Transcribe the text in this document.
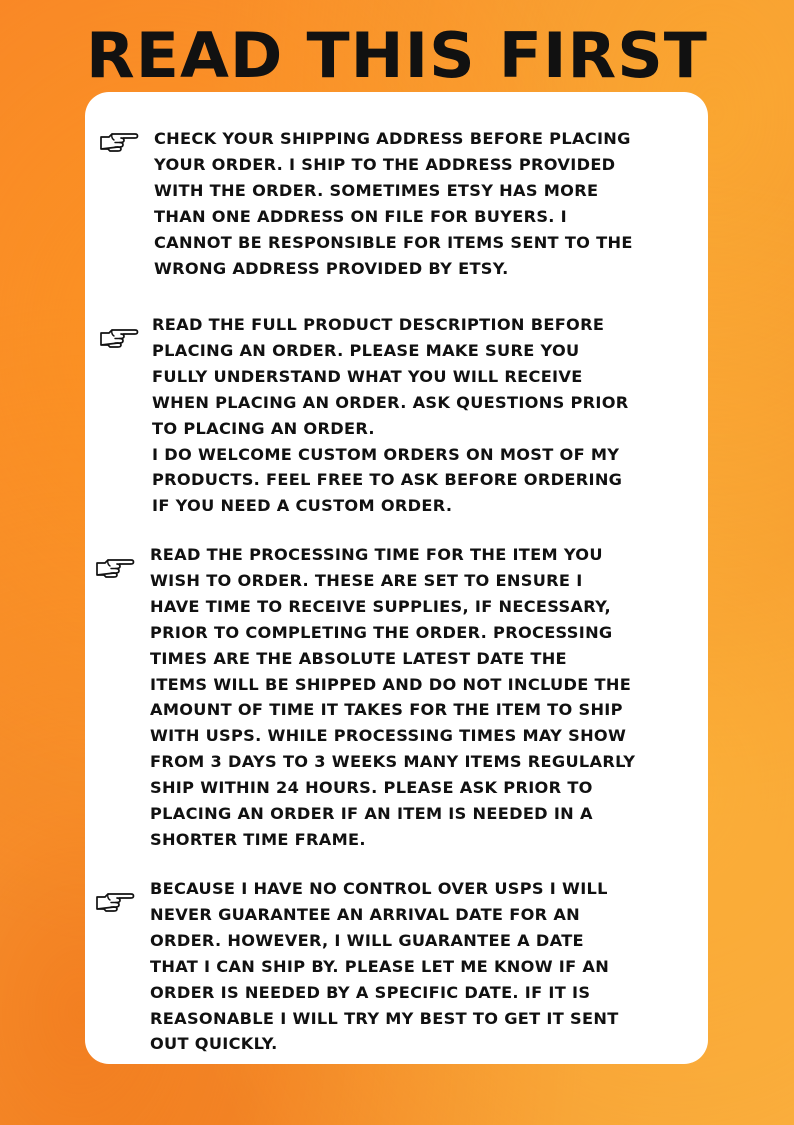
READ THIS FIRST
CHECK YOUR SHIPPING ADDRESS BEFORE PLACING
YOUR ORDER. I SHIP TO THE ADDRESS PROVIDED
WITH THE ORDER. SOMETIMES ETSY HAS MORE
THAN ONE ADDRESS ON FILE FOR BUYERS. I
CANNOT BE RESPONSIBLE FOR ITEMS SENT TO THE
WRONG ADDRESS PROVIDED BY ETSY.
READ THE FULL PRODUCT DESCRIPTION BEFORE
PLACING AN ORDER. PLEASE MAKE SURE YOU
FULLY UNDERSTAND WHAT YOU WILL RECEIVE
WHEN PLACING AN ORDER. ASK QUESTIONS PRIOR
TO PLACING AN ORDER.
I DO WELCOME CUSTOM ORDERS ON MOST OF MY
PRODUCTS. FEEL FREE TO ASK BEFORE ORDERING
IF YOU NEED A CUSTOM ORDER.
READ THE PROCESSING TIME FOR THE ITEM YOU
WISH TO ORDER. THESE ARE SET TO ENSURE I
HAVE TIME TO RECEIVE SUPPLIES, IF NECESSARY,
PRIOR TO COMPLETING THE ORDER. PROCESSING
TIMES ARE THE ABSOLUTE LATEST DATE THE
ITEMS WILL BE SHIPPED AND DO NOT INCLUDE THE
AMOUNT OF TIME IT TAKES FOR THE ITEM TO SHIP
WITH USPS. WHILE PROCESSING TIMES MAY SHOW
FROM 3 DAYS TO 3 WEEKS MANY ITEMS REGULARLY
SHIP WITHIN 24 HOURS. PLEASE ASK PRIOR TO
PLACING AN ORDER IF AN ITEM IS NEEDED IN A
SHORTER TIME FRAME.
BECAUSE I HAVE NO CONTROL OVER USPS I WILL
NEVER GUARANTEE AN ARRIVAL DATE FOR AN
ORDER. HOWEVER, I WILL GUARANTEE A DATE
THAT I CAN SHIP BY. PLEASE LET ME KNOW IF AN
ORDER IS NEEDED BY A SPECIFIC DATE. IF IT IS
REASONABLE I WILL TRY MY BEST TO GET IT SENT
OUT QUICKLY.
